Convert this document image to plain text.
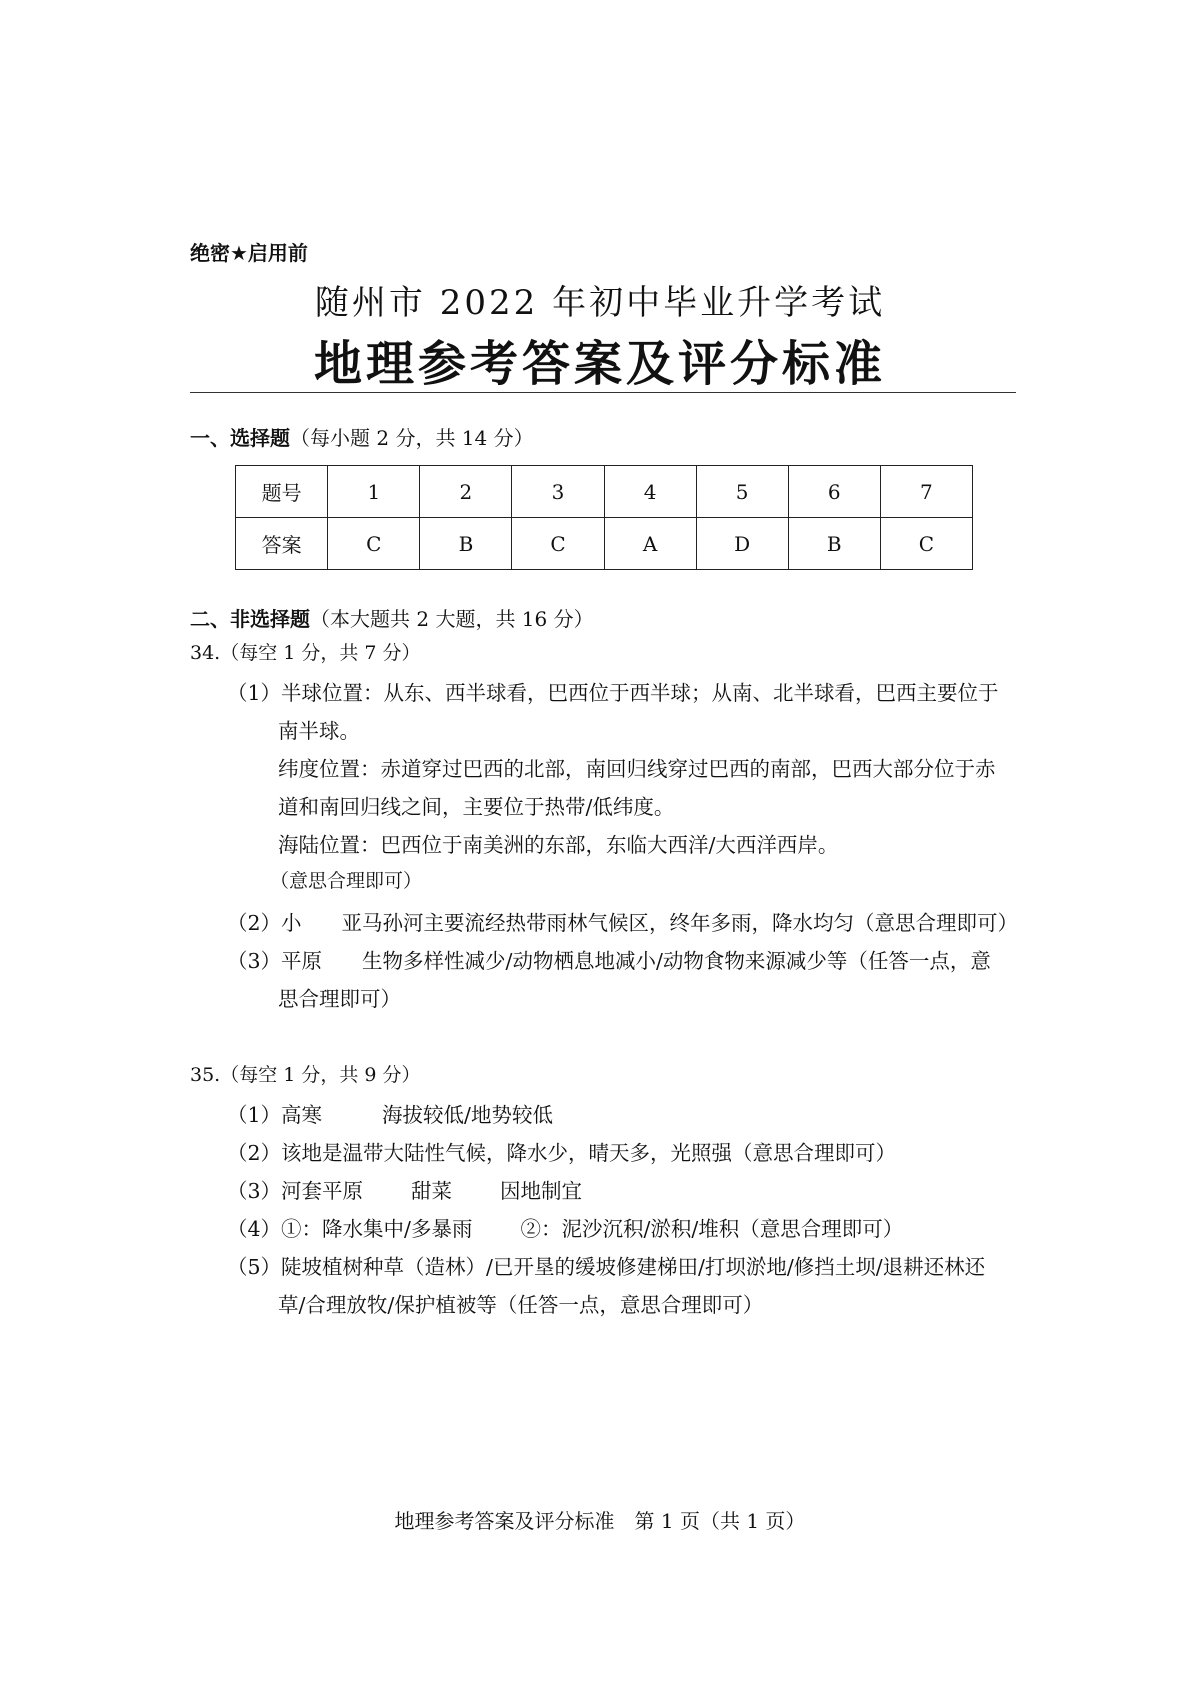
绝密★启用前
随州市 2022 年初中毕业升学考试
地理参考答案及评分标准
一、选择题（每小题 2 分，共 14 分）
题号	1	2	3	4	5	6	7
答案	C	B	C	A	D	B	C
二、非选择题（本大题共 2 大题，共 16 分）
34.（每空 1 分，共 7 分）
（1）半球位置：从东、西半球看，巴西位于西半球；从南、北半球看，巴西主要位于
南半球。
纬度位置：赤道穿过巴西的北部，南回归线穿过巴西的南部，巴西大部分位于赤
道和南回归线之间，主要位于热带/低纬度。
海陆位置：巴西位于南美洲的东部，东临大西洋/大西洋西岸。
（意思合理即可）
（2）小 亚马孙河主要流经热带雨林气候区，终年多雨，降水均匀（意思合理即可）
（3）平原 生物多样性减少/动物栖息地减小/动物食物来源减少等（任答一点，意
思合理即可）
35.（每空 1 分，共 9 分）
（1）高寒	海拔较低/地势较低
（2）该地是温带大陆性气候，降水少，晴天多，光照强（意思合理即可）
（3）河套平原 甜菜 因地制宜
（4）①：降水集中/多暴雨 ②：泥沙沉积/淤积/堆积（意思合理即可）
（5）陡坡植树种草（造林）/已开垦的缓坡修建梯田/打坝淤地/修挡土坝/退耕还林还
草/合理放牧/保护植被等（任答一点，意思合理即可）
地理参考答案及评分标准　第 1 页（共 1 页）
